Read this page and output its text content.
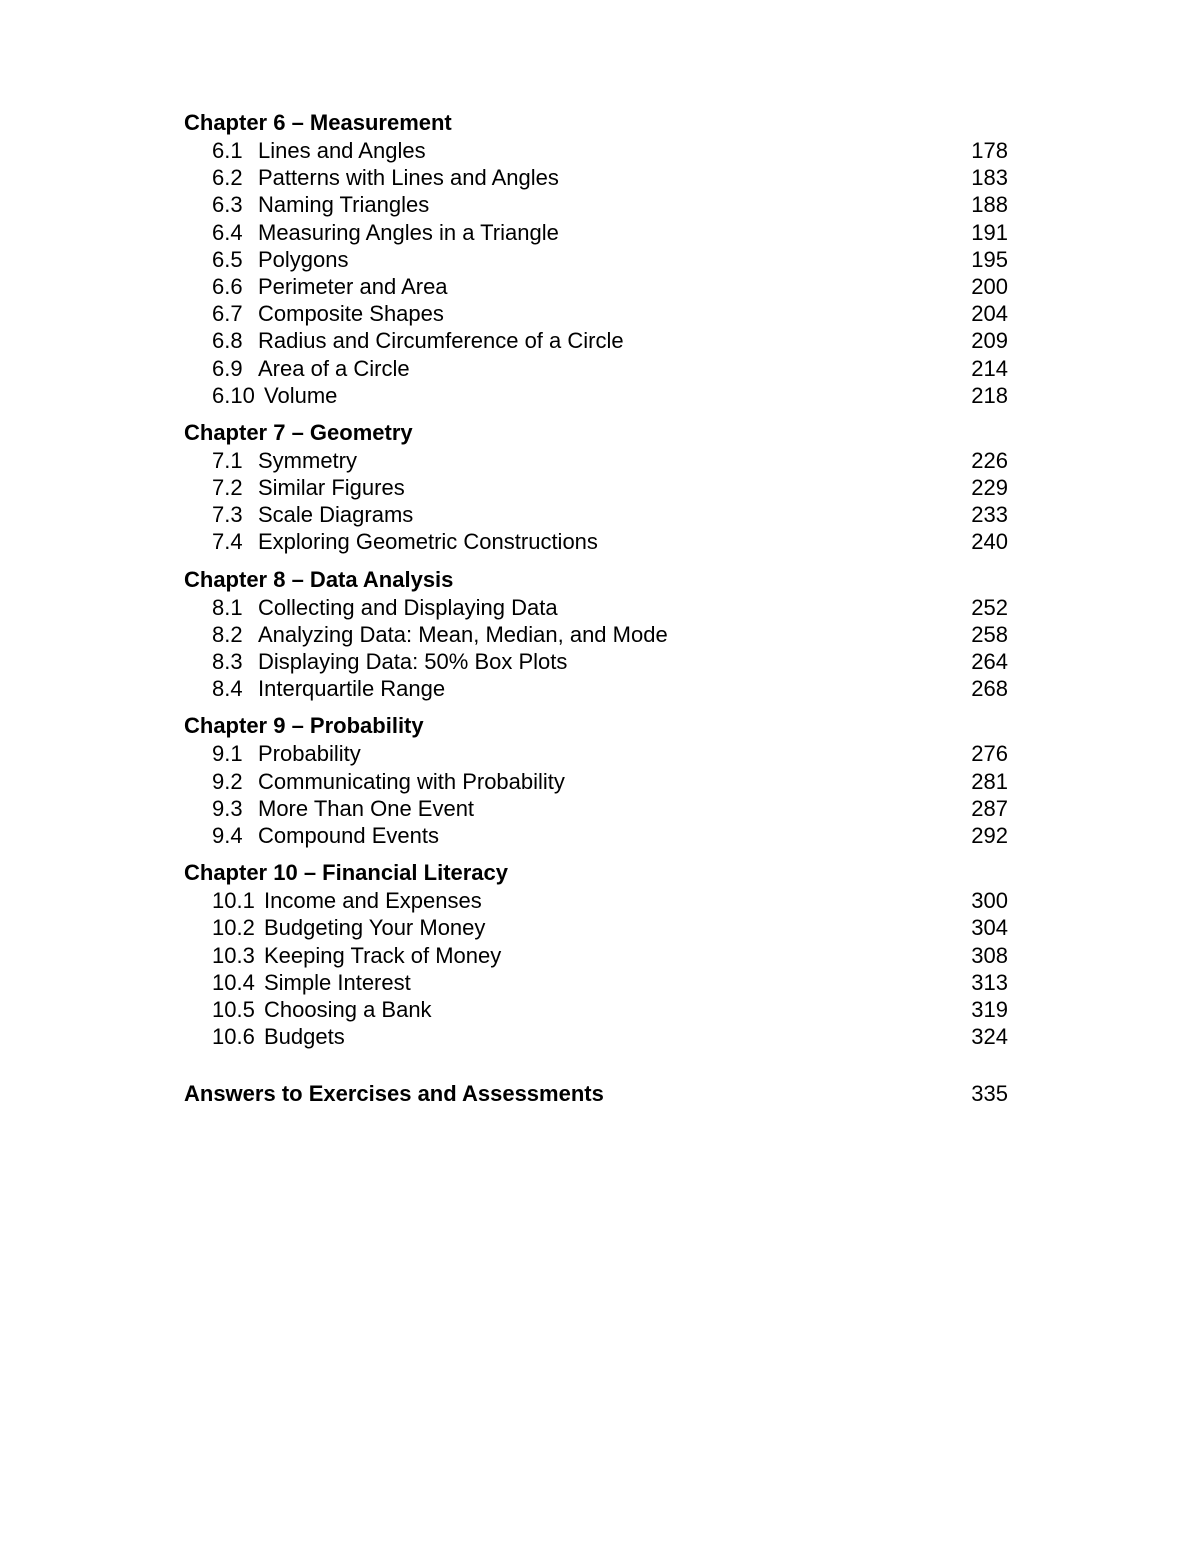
Chapter 6 – Measurement
6.1 Lines and Angles	178
6.2 Patterns with Lines and Angles	183
6.3 Naming Triangles	188
6.4 Measuring Angles in a Triangle	191
6.5 Polygons	195
6.6 Perimeter and Area	200
6.7 Composite Shapes	204
6.8 Radius and Circumference of a Circle	209
6.9 Area of a Circle	214
6.10 Volume	218
Chapter 7 – Geometry
7.1 Symmetry	226
7.2 Similar Figures	229
7.3 Scale Diagrams	233
7.4 Exploring Geometric Constructions	240
Chapter 8 – Data Analysis
8.1 Collecting and Displaying Data	252
8.2 Analyzing Data: Mean, Median, and Mode	258
8.3 Displaying Data: 50% Box Plots	264
8.4 Interquartile Range	268
Chapter 9 – Probability
9.1 Probability	276
9.2 Communicating with Probability	281
9.3 More Than One Event	287
9.4 Compound Events	292
Chapter 10 – Financial Literacy
10.1 Income and Expenses	300
10.2 Budgeting Your Money	304
10.3 Keeping Track of Money	308
10.4 Simple Interest	313
10.5 Choosing a Bank	319
10.6 Budgets	324
Answers to Exercises and Assessments	335
